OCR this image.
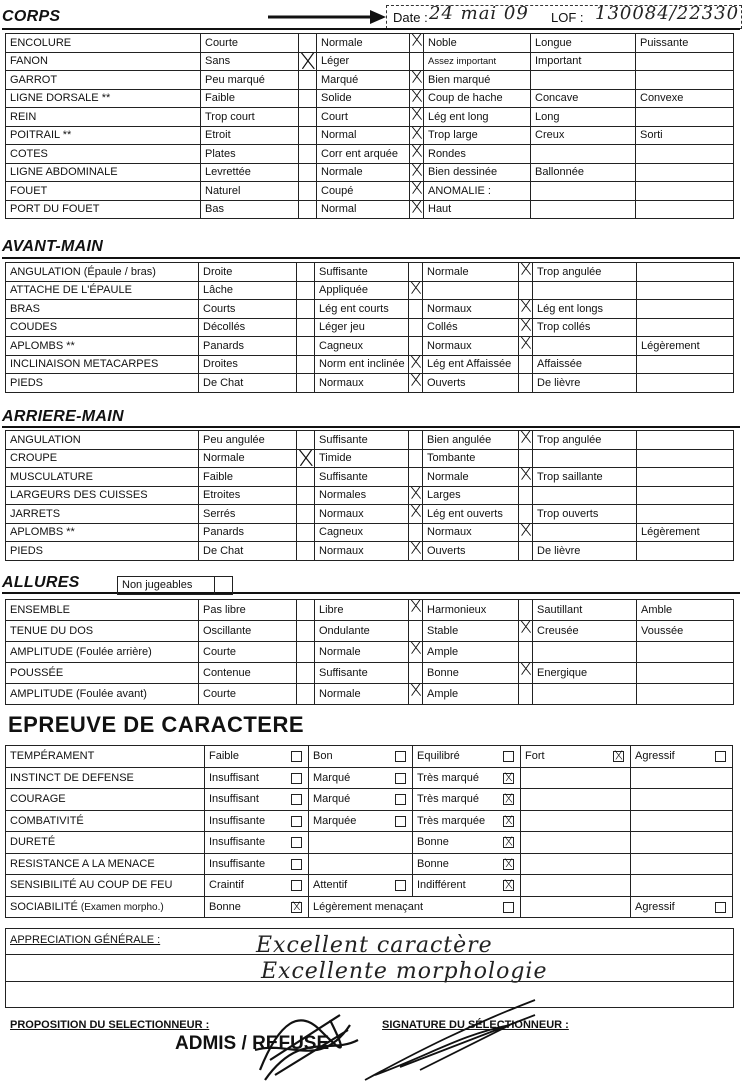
Date : 24 mai 09 LOF : 130084/22330
CORPS
AVANT-MAIN
ARRIERE-MAIN
ALLURES	Non jugeables
EPREUVE DE CARACTERE
ENCOLURE	Courte		Normale		Noble	Longue	Puissante
FANON	Sans		Léger		Assez important	Important	
GARROT	Peu marqué		Marqué		Bien marqué		
LIGNE DORSALE **	Faible		Solide		Coup de hache	Concave	Convexe
REIN	Trop court		Court		Lég ent long	Long	
POITRAIL **	Etroit		Normal		Trop large	Creux	Sorti
COTES	Plates		Corr ent arquée		Rondes		
LIGNE ABDOMINALE	Levrettée		Normale		Bien dessinée	Ballonnée	
FOUET	Naturel		Coupé		ANOMALIE :		
PORT DU FOUET	Bas		Normal		Haut		
ANGULATION (Épaule / bras)	Droite		Suffisante		Normale		Trop angulée	
ATTACHE DE L'ÉPAULE	Lâche		Appliquée	

BRAS	Courts		Lég ent courts		Normaux		Lég ent longs	
COUDES	Décollés		Léger jeu		Collés		Trop collés	
APLOMBS **	Panards		Cagneux		Normaux			Légèrement
INCLINAISON METACARPES	Droites		Norm ent inclinée		Lég ent Affaissée		Affaissée	
PIEDS	De Chat		Normaux		Ouverts		De lièvre	
ANGULATION	Peu angulée		Suffisante		Bien angulée		Trop angulée	
CROUPE	Normale		Timide		Tombante			
MUSCULATURE	Faible		Suffisante		Normale		Trop saillante	
LARGEURS DES CUISSES	Etroites		Normales		Larges			
JARRETS	Serrés		Normaux		Lég ent ouverts		Trop ouverts	
APLOMBS **	Panards		Cagneux		Normaux			Légèrement
PIEDS	De Chat		Normaux		Ouverts		De lièvre	
ENSEMBLE	Pas libre		Libre		Harmonieux		Sautillant	Amble
TENUE DU DOS	Oscillante		Ondulante		Stable		Creusée	Voussée
AMPLITUDE (Foulée arrière)	Courte		Normale		Ample			
POUSSÉE	Contenue		Suffisante		Bonne		Energique	
AMPLITUDE (Foulée avant)	Courte		Normale		Ample			
TEMPÉRAMENT	Faible	Bon	Equilibré	Fort	Agressif

INSTINCT DE DEFENSE	Insuffisant	Marqué	Très marqué

COURAGE	Insuffisant	Marqué	Très marqué

COMBATIVITÉ	Insuffisante	Marquée	Très marquée

DURETÉ	Insuffisante		Bonne

RESISTANCE A LA MENACE	Insuffisante		Bonne

SENSIBILITÉ AU COUP DE FEU	Craintif	Attentif	Indifférent

SOCIABILITÉ (Examen morpho.)	Bonne	Légèrement menaçant			Agressif
APPRECIATION GÉNÉRALE :	Excellent caractère
Excellente morphologie
PROPOSITION DU SELECTIONNEUR :	SIGNATURE DU SÉLECTIONNEUR :
ADMIS / REFUSE
